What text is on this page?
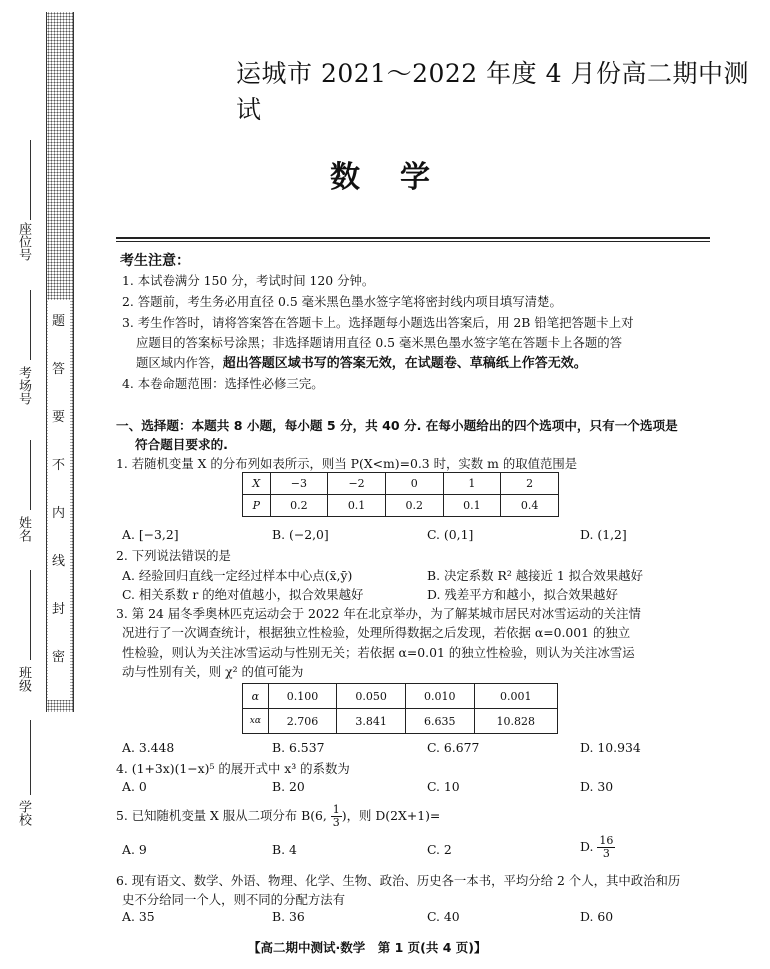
题
答
要
不
内
线
封
密
座位号
考场号
姓名
班级
学校
运城市 2021～2022 年度 4 月份高二期中测试
数学
考生注意：
1. 本试卷满分 150 分，考试时间 120 分钟。
2. 答题前，考生务必用直径 0.5 毫米黑色墨水签字笔将密封线内项目填写清楚。
3. 考生作答时，请将答案答在答题卡上。选择题每小题选出答案后，用 2B 铅笔把答题卡上对
应题目的答案标号涂黑；非选择题请用直径 0.5 毫米黑色墨水签字笔在答题卡上各题的答
题区域内作答，超出答题区域书写的答案无效，在试题卷、草稿纸上作答无效。
4. 本卷命题范围：选择性必修三完。
一、选择题：本题共 8 小题，每小题 5 分，共 40 分. 在每小题给出的四个选项中，只有一个选项是
符合题目要求的.
1. 若随机变量 X 的分布列如表所示，则当 P(X<m)=0.3 时，实数 m 的取值范围是
X	−3	−2	0	1	2
P	0.2	0.1	0.2	0.1	0.4
A. [−3,2]	B. (−2,0]	C. (0,1]	D. (1,2]
2. 下列说法错误的是
A. 经验回归直线一定经过样本中心点(x̄,ȳ)	B. 决定系数 R² 越接近 1 拟合效果越好
C. 相关系数 r 的绝对值越小，拟合效果越好	D. 残差平方和越小，拟合效果越好
3. 第 24 届冬季奥林匹克运动会于 2022 年在北京举办，为了解某城市居民对冰雪运动的关注情
况进行了一次调查统计，根据独立性检验，处理所得数据之后发现，若依据 α=0.001 的独立
性检验，则认为关注冰雪运动与性别无关；若依据 α=0.01 的独立性检验，则认为关注冰雪运
动与性别有关，则 χ² 的值可能为
α	0.100	0.050	0.010	0.001
xα	2.706	3.841	6.635	10.828
A. 3.448	B. 6.537	C. 6.677	D. 10.934
4. (1+3x)(1−x)⁵ 的展开式中 x³ 的系数为
A. 0	B. 20	C. 10	D. 30
5. 已知随机变量 X 服从二项分布 B(6, $\frac{1}{3}$ )，则 D(2X+1)=
A. 9	B. 4	C. 2	D. $\frac{16}{3}$
6. 现有语文、数学、外语、物理、化学、生物、政治、历史各一本书，平均分给 2 个人，其中政治和历
史不分给同一个人，则不同的分配方法有
A. 35	B. 36	C. 40	D. 60
【高二期中测试·数学　第 1 页(共 4 页)】
